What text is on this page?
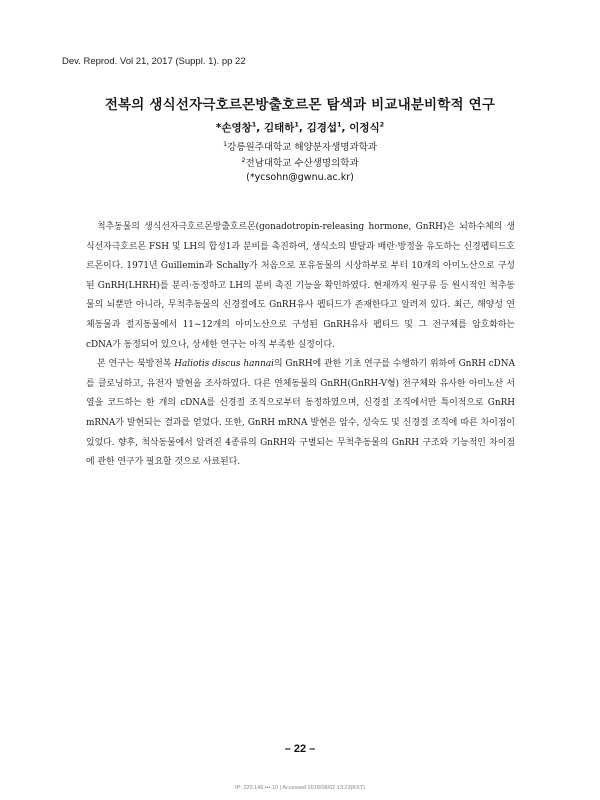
Dev. Reprod. Vol 21, 2017 (Suppl. 1). pp 22
전복의 생식선자극호르몬방출호르몬 탐색과 비교내분비학적 연구
*손영창$^1$, 김태하$^1$, 김경섭$^1$, 이정식$^2$
$^1$강릉원주대학교 해양분자생명과학과
$^2$전남대학교 수산생명의학과
(*ycsohn@gwnu.ac.kr)

척추동물의 생식선자극호르몬방출호르몬(gonadotropin-releasing hormone, GnRH)은 뇌하수체의 생식선자극호르몬 FSH 및 LH의 합성1과 분비를 촉진하여, 생식소의 발달과 배란·방정을 유도하는 신경펩티드호르몬이다. 1971년 Guillemin과 Schally가 처음으로 포유동물의 시상하부로 부터 10개의 아미노산으로 구성된 GnRH(LHRH)를 분리·동정하고 LH의 분비 촉진 기능을 확인하였다. 현재까지 원구류 등 원시적인 척추동물의 뇌뿐만 아니라, 무척추동물의 신경절에도 GnRH유사 펩티드가 존재한다고 알려져 있다. 최근, 해양성 연체동물과 절지동물에서 11~12개의 아미노산으로 구성된 GnRH유사 펩티드 및 그 전구체를 암호화하는 cDNA가 동정되어 있으나, 상세한 연구는 아직 부족한 실정이다.

본 연구는 북방전복 Haliotis discus hannai의 GnRH에 관한 기초 연구를 수행하기 위하여 GnRH cDNA를 클로닝하고, 유전자 발현을 조사하였다. 다른 연체동물의 GnRH(GnRH-V형) 전구체와 유사한 아미노산 서열을 코드하는 한 개의 cDNA를 신경절 조직으로부터 동정하였으며, 신경절 조직에서만 특이적으로 GnRH mRNA가 발현되는 결과를 얻었다. 또한, GnRH mRNA 발현은 암수, 성숙도 및 신경절 조직에 따른 차이점이 있었다. 향후, 척삭동물에서 알려진 4종류의 GnRH와 구별되는 무척추동물의 GnRH 구조와 기능적인 차이점에 관한 연구가 필요할 것으로 사료된다.

– 22 –
IP: 220.149.•••.10 | Accessed 2018/08/02 13:23(KST)
